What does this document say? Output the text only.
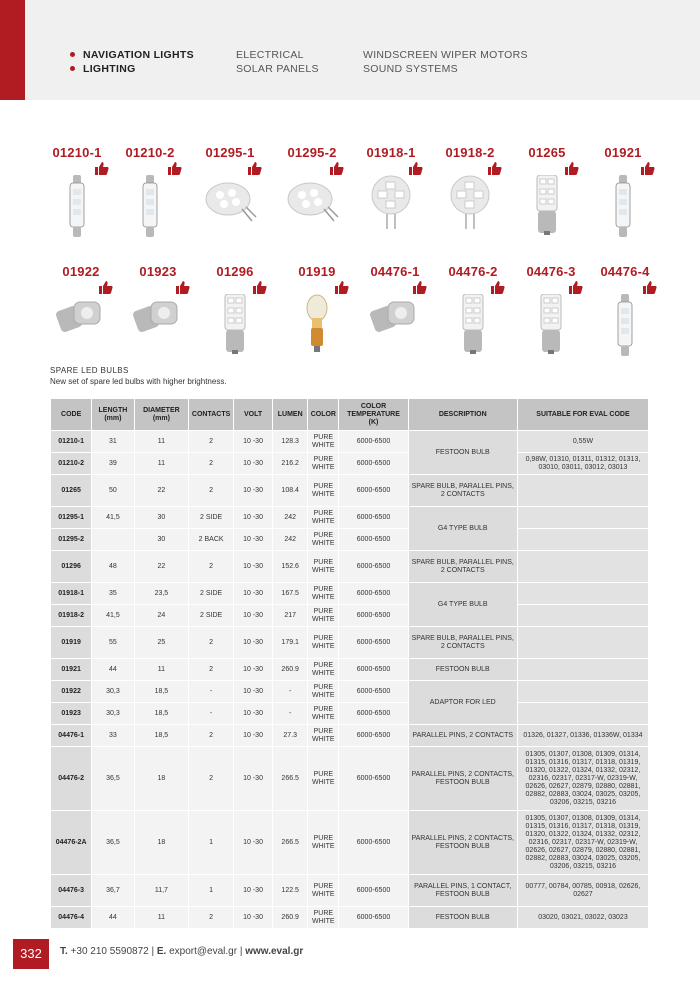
NAVIGATION LIGHTS
LIGHTING
ELECTRICAL
SOLAR PANELS
WINDSCREEN WIPER MOTORS
SOUND SYSTEMS
01210-1	01210-2	01295-1	01295-2	01918-1	01918-2	01265	01921
01922	01923	01296	01919	04476-1	04476-2	04476-3	04476-4
SPARE LED BULBS
New set of spare led bulbs with higher brightness.
CODE	LENGTH (mm)	DIAMETER (mm)	CONTACTS	VOLT	LUMEN	COLOR	COLOR TEMPERATURE (K)	DESCRIPTION	SUITABLE FOR EVAL CODE
01210-1	31	11	2	10 -30	128.3	PURE WHITE	6000-6500	FESTOON BULB	0,55W
01210-2	39	11	2	10 -30	216.2	PURE WHITE	6000-6500		0,98W, 01310, 01311, 01312, 01313, 03010, 03011, 03012, 03013
01265	50	22	2	10 -30	108.4	PURE WHITE	6000-6500	SPARE BULB, PARALLEL PINS, 2 CONTACTS	
01295-1	41,5	30	2 SIDE	10 -30	242	PURE WHITE	6000-6500	G4 TYPE BULB	
01295-2		30	2 BACK	10 -30	242	PURE WHITE	6000-6500		
01296	48	22	2	10 -30	152.6	PURE WHITE	6000-6500	SPARE BULB, PARALLEL PINS, 2 CONTACTS	
01918-1	35	23,5	2 SIDE	10 -30	167.5	PURE WHITE	6000-6500	G4 TYPE BULB	
01918-2	41,5	24	2 SIDE	10 -30	217	PURE WHITE	6000-6500		
01919	55	25	2	10 -30	179.1	PURE WHITE	6000-6500	SPARE BULB, PARALLEL PINS, 2 CONTACTS	
01921	44	11	2	10 -30	260.9	PURE WHITE	6000-6500	FESTOON BULB	
01922	30,3	18,5	-	10 -30	-	PURE WHITE	6000-6500	ADAPTOR FOR LED	
01923	30,3	18,5	-	10 -30	-	PURE WHITE	6000-6500		
04476-1	33	18,5	2	10 -30	27.3	PURE WHITE	6000-6500	PARALLEL PINS, 2 CONTACTS	01326, 01327, 01336, 01336W, 01334
04476-2	36,5	18	2	10 -30	266.5	PURE WHITE	6000-6500	PARALLEL PINS, 2 CONTACTS, FESTOON BULB	01305, 01307, 01308, 01309, 01314, 01315, 01316, 01317, 01318, 01319, 01320, 01322, 01324, 01332, 02312, 02316, 02317, 02317-W, 02319-W, 02626, 02627, 02879, 02880, 02881, 02882, 02883, 03024, 03025, 03205, 03206, 03215, 03216
04476-2A	36,5	18	1	10 -30	266.5	PURE WHITE	6000-6500	PARALLEL PINS, 2 CONTACTS, FESTOON BULB	01305, 01307, 01308, 01309, 01314, 01315, 01316, 01317, 01318, 01319, 01320, 01322, 01324, 01332, 02312, 02316, 02317, 02317-W, 02319-W, 02626, 02627, 02879, 02880, 02881, 02882, 02883, 03024, 03025, 03205, 03206, 03215, 03216
04476-3	36,7	11,7	1	10 -30	122.5	PURE WHITE	6000-6500	PARALLEL PINS, 1 CONTACT, FESTOON BULB	00777, 00784, 00785, 00918, 02626, 02627
04476-4	44	11	2	10 -30	260.9	PURE WHITE	6000-6500	FESTOON BULB	03020, 03021, 03022, 03023
332	T. +30 210 5590872 | E. export@eval.gr | www.eval.gr
